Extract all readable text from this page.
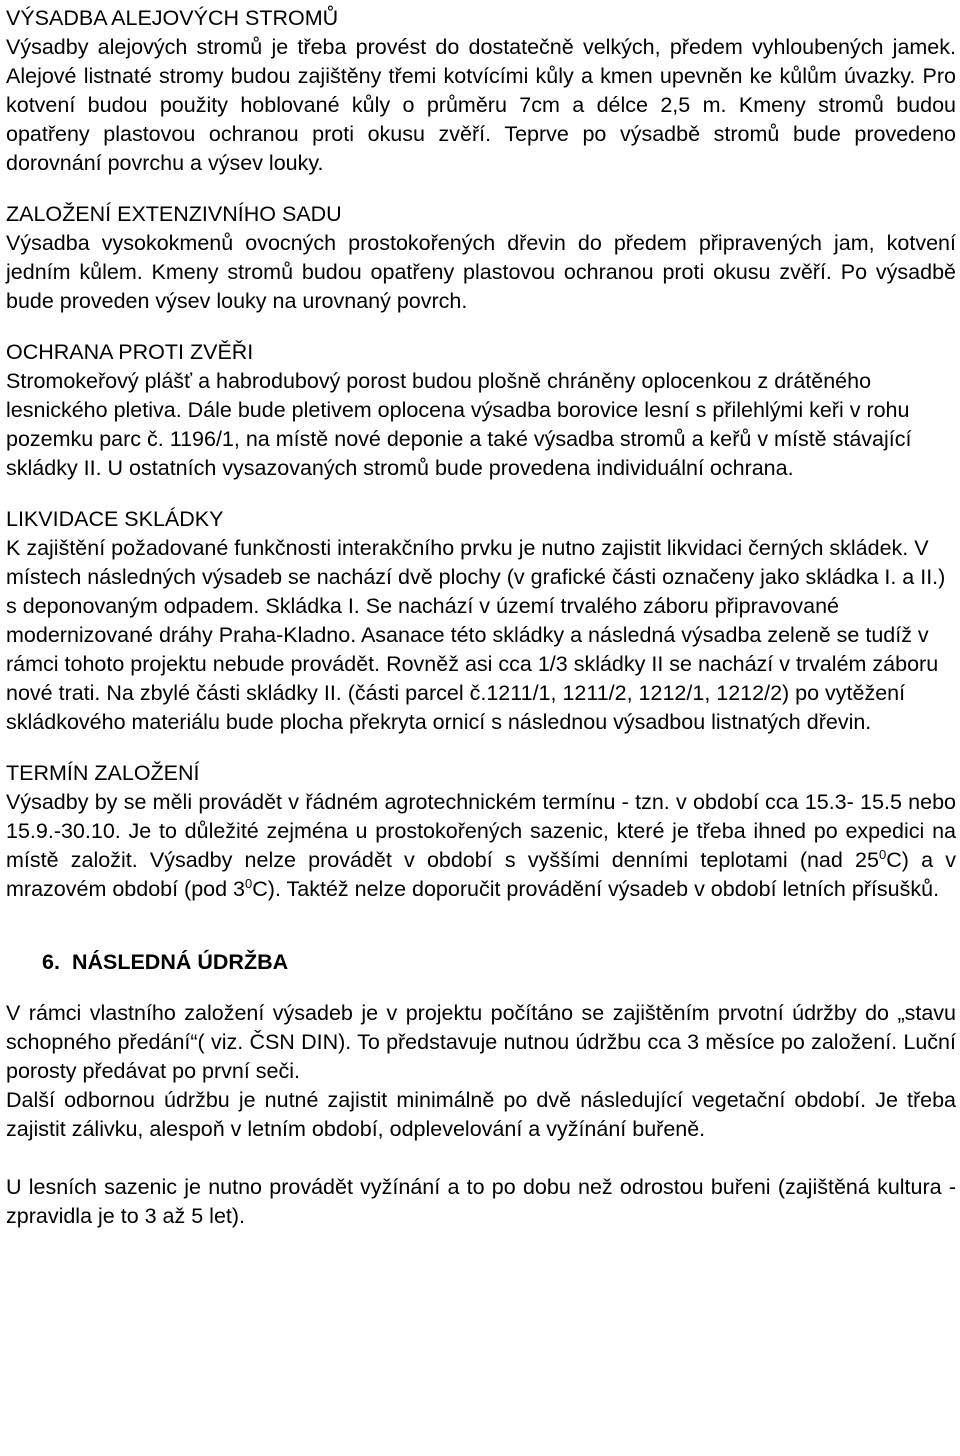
VÝSADBA ALEJOVÝCH STROMŮ

Výsadby alejových stromů je třeba provést do dostatečně velkých, předem vyhloubených jamek. Alejové listnaté stromy budou zajištěny třemi kotvícími kůly a kmen upevněn ke kůlům úvazky. Pro kotvení budou použity hoblované kůly o průměru 7cm a délce 2,5 m. Kmeny stromů budou opatřeny plastovou ochranou proti okusu zvěří. Teprve po výsadbě stromů bude provedeno dorovnání povrchu a výsev louky.

ZALOŽENÍ EXTENZIVNÍHO SADU

Výsadba vysokokmenů ovocných prostokořených dřevin do předem připravených jam, kotvení jedním kůlem. Kmeny stromů budou opatřeny plastovou ochranou proti okusu zvěří. Po výsadbě bude proveden výsev louky na urovnaný povrch.

OCHRANA PROTI ZVĚŘI

Stromokeřový plášť a habrodubový porost budou plošně chráněny oplocenkou z drátěného lesnického pletiva. Dále bude pletivem oplocena výsadba borovice lesní s přilehlými keři v rohu pozemku parc č. 1196/1, na místě nové deponie a také výsadba stromů a keřů v místě stávající skládky II. U ostatních vysazovaných stromů bude provedena individuální ochrana.

LIKVIDACE SKLÁDKY

K zajištění požadované funkčnosti interakčního prvku je nutno zajistit likvidaci černých skládek. V místech následných výsadeb se nachází dvě plochy (v grafické části označeny jako skládka I. a II.) s deponovaným odpadem. Skládka I. Se nachází v území trvalého záboru připravované modernizované dráhy Praha-Kladno. Asanace této skládky a následná výsadba zeleně se tudíž v rámci tohoto projektu nebude provádět. Rovněž asi cca 1/3 skládky II se nachází v trvalém záboru nové trati. Na zbylé části skládky II. (části parcel č.1211/1, 1211/2, 1212/1, 1212/2) po vytěžení skládkového materiálu bude plocha překryta ornicí s následnou výsadbou listnatých dřevin.

TERMÍN ZALOŽENÍ

Výsadby by se měli provádět v řádném agrotechnickém termínu - tzn. v období cca 15.3- 15.5 nebo 15.9.-30.10. Je to důležité zejména u prostokořených sazenic, které je třeba ihned po expedici na místě založit. Výsadby nelze provádět v období s vyššími denními teplotami (nad $25^0C$) a v mrazovém období (pod $3^0C$). Taktéž nelze doporučit provádění výsadeb v období letních přísušků.

6. NÁSLEDNÁ ÚDRŽBA

V rámci vlastního založení výsadeb je v projektu počítáno se zajištěním prvotní údržby do „stavu schopného předání“( viz. ČSN DIN). To představuje nutnou údržbu cca 3 měsíce po založení. Luční porosty předávat po první seči.

Další odbornou údržbu je nutné zajistit minimálně po dvě následující vegetační období. Je třeba zajistit zálivku, alespoň v letním období, odplevelování a vyžínání buřeně.

U lesních sazenic je nutno provádět vyžínání a to po dobu než odrostou buřeni (zajištěná kultura - zpravidla je to 3 až 5 let).
